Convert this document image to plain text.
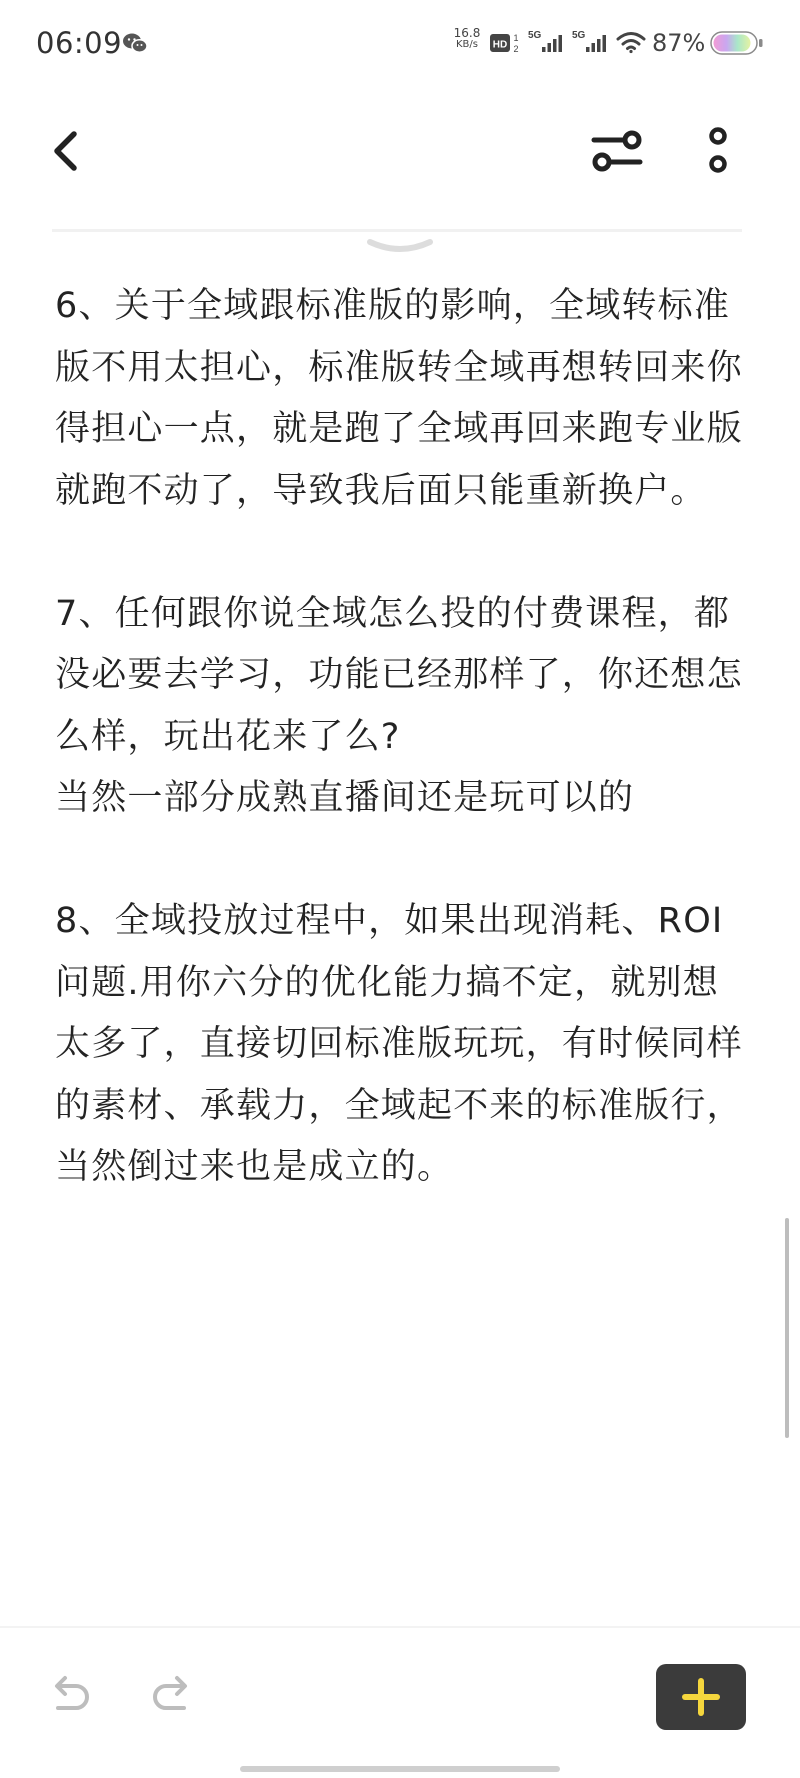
06:09	16.8
KB/s	HD
1
2
5G	5G	87%

6、关于全域跟标准版的影响，全域转标准版不用太担心，标准版转全域再想转回来你得担心一点，就是跑了全域再回来跑专业版就跑不动了，导致我后面只能重新换户。

7、任何跟你说全域怎么投的付费课程，都没必要去学习，功能已经那样了，你还想怎么样，玩出花来了么?

当然一部分成熟直播间还是玩可以的

8、全域投放过程中，如果出现消耗、ROI问题.用你六分的优化能力搞不定，就别想太多了，直接切回标准版玩玩，有时候同样的素材、承载力，全域起不来的标准版行，当然倒过来也是成立的。
